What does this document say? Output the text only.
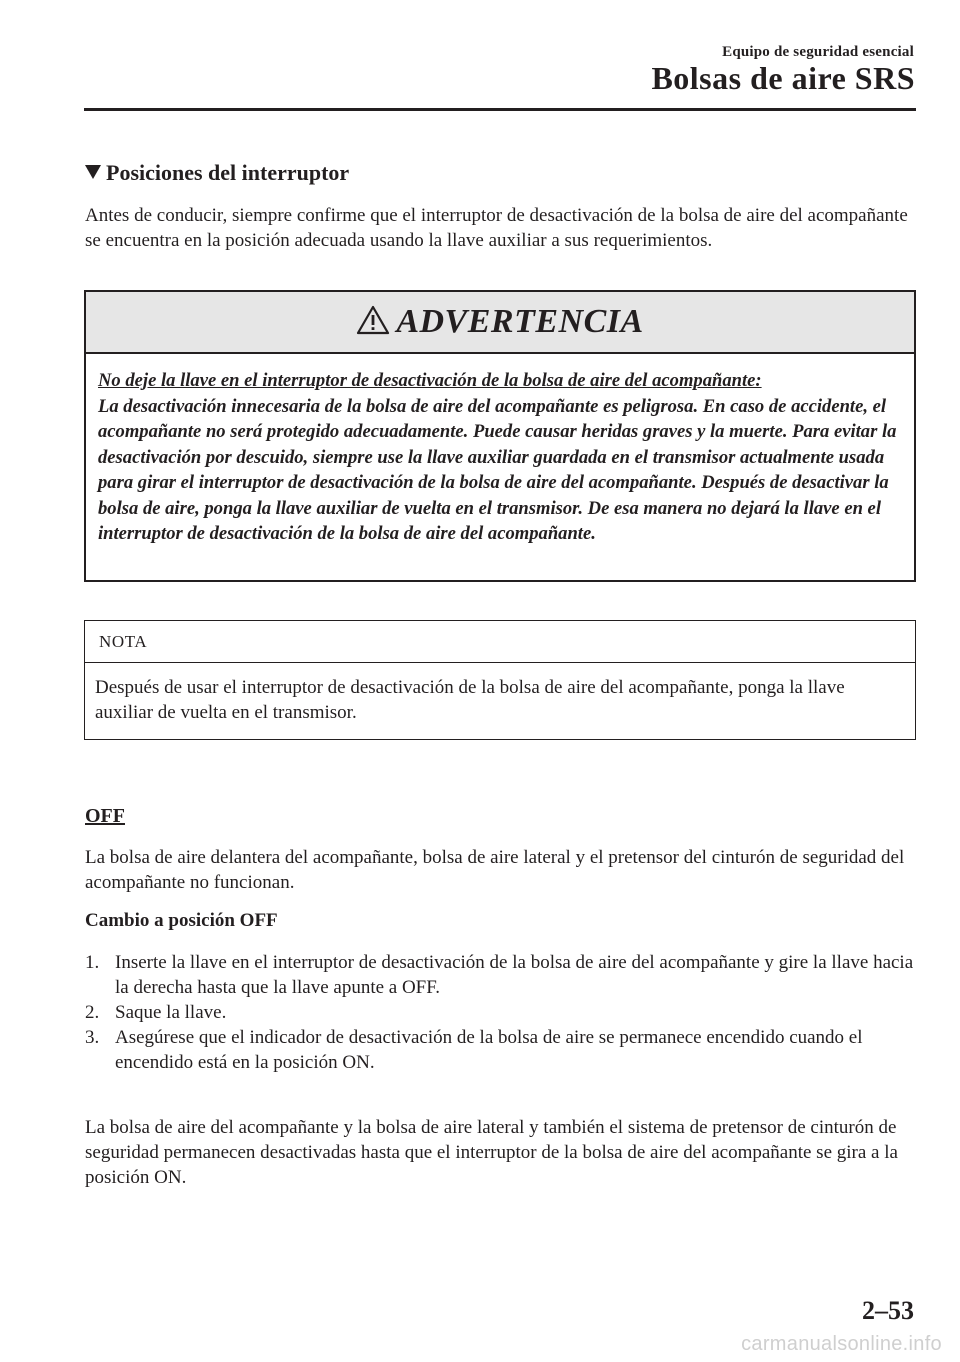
Equipo de seguridad esencial
Bolsas de aire SRS
Posiciones del interruptor
Antes de conducir, siempre confirme que el interruptor de desactivación de la bolsa de aire del acompañante se encuentra en la posición adecuada usando la llave auxiliar a sus requerimientos.
ADVERTENCIA
No deje la llave en el interruptor de desactivación de la bolsa de aire del acompañante:
La desactivación innecesaria de la bolsa de aire del acompañante es peligrosa. En caso de accidente, el acompañante no será protegido adecuadamente. Puede causar heridas graves y la muerte. Para evitar la desactivación por descuido, siempre use la llave auxiliar guardada en el transmisor actualmente usada para girar el interruptor de desactivación de la bolsa de aire del acompañante. Después de desactivar la bolsa de aire, ponga la llave auxiliar de vuelta en el transmisor. De esa manera no dejará la llave en el interruptor de desactivación de la bolsa de aire del acompañante.
NOTA
Después de usar el interruptor de desactivación de la bolsa de aire del acompañante, ponga la llave auxiliar de vuelta en el transmisor.
OFF
La bolsa de aire delantera del acompañante, bolsa de aire lateral y el pretensor del cinturón de seguridad del acompañante no funcionan.
Cambio a posición OFF
1. Inserte la llave en el interruptor de desactivación de la bolsa de aire del acompañante y gire la llave hacia la derecha hasta que la llave apunte a OFF.
2. Saque la llave.
3. Asegúrese que el indicador de desactivación de la bolsa de aire se permanece encendido cuando el encendido está en la posición ON.
La bolsa de aire del acompañante y la bolsa de aire lateral y también el sistema de pretensor de cinturón de seguridad permanecen desactivadas hasta que el interruptor de la bolsa de aire del acompañante se gira a la posición ON.
2–53
carmanualsonline.info
